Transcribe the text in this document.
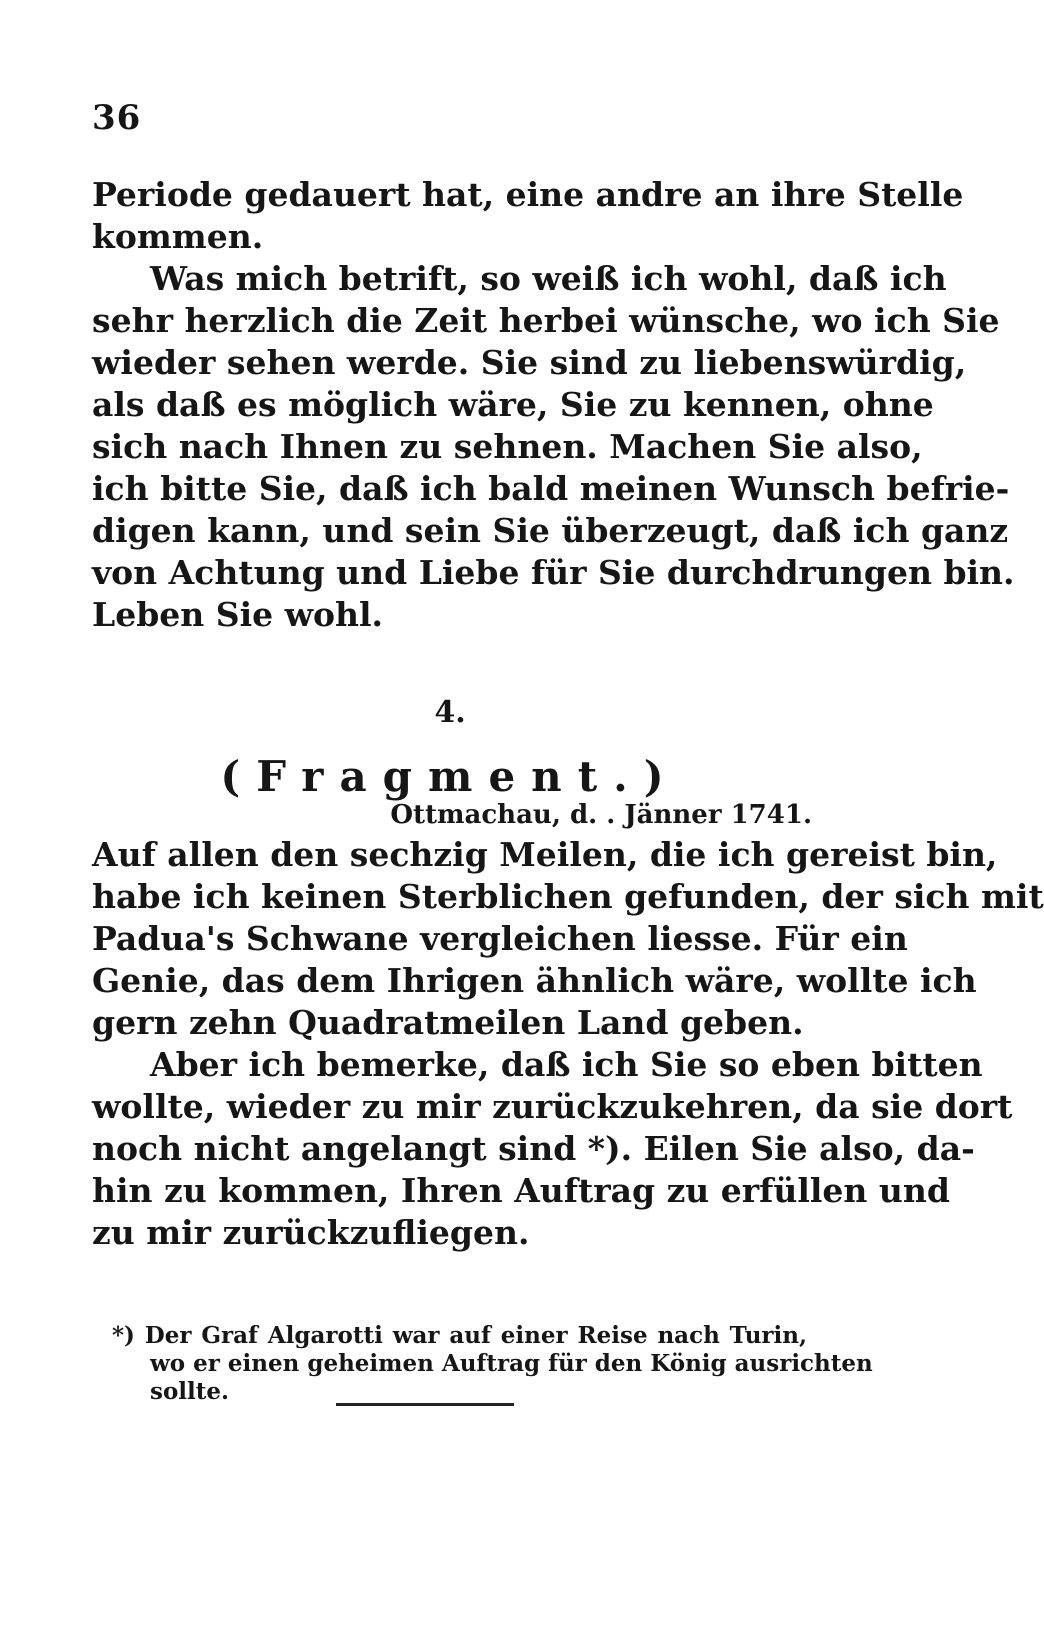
36
Periode gedauert hat, eine andre an ihre Stelle
kommen.
Was mich betrift, so weiß ich wohl, daß ich
sehr herzlich die Zeit herbei wünsche, wo ich Sie
wieder sehen werde. Sie sind zu liebenswürdig,
als daß es möglich wäre, Sie zu kennen, ohne
sich nach Ihnen zu sehnen. Machen Sie also,
ich bitte Sie, daß ich bald meinen Wunsch befrie-
digen kann, und sein Sie überzeugt, daß ich ganz
von Achtung und Liebe für Sie durchdrungen bin.
Leben Sie wohl.
4.
(Fragment.)
Ottmachau, d. . Jänner 1741.
Auf allen den sechzig Meilen, die ich gereist bin,
habe ich keinen Sterblichen gefunden, der sich mit
Padua's Schwane vergleichen liesse. Für ein
Genie, das dem Ihrigen ähnlich wäre, wollte ich
gern zehn Quadratmeilen Land geben.
Aber ich bemerke, daß ich Sie so eben bitten
wollte, wieder zu mir zurückzukehren, da sie dort
noch nicht angelangt sind *). Eilen Sie also, da-
hin zu kommen, Ihren Auftrag zu erfüllen und
zu mir zurückzufliegen.
*) Der Graf Algarotti war auf einer Reise nach Turin,
wo er einen geheimen Auftrag für den König ausrichten
sollte.
